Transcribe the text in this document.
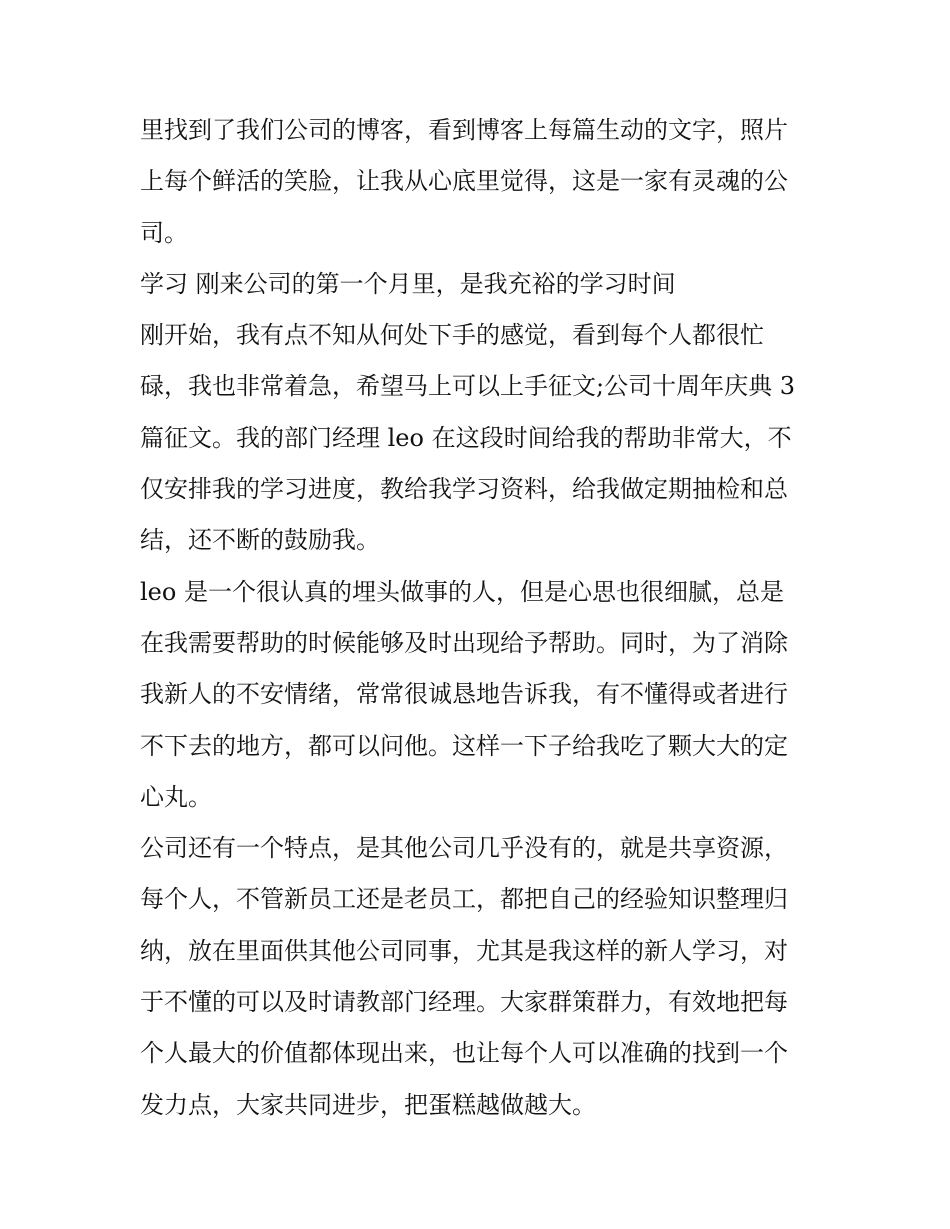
里找到了我们公司的博客，看到博客上每篇生动的文字，照片
上每个鲜活的笑脸，让我从心底里觉得，这是一家有灵魂的公
司。

学习 刚来公司的第一个月里，是我充裕的学习时间

刚开始，我有点不知从何处下手的感觉，看到每个人都很忙
碌，我也非常着急，希望马上可以上手征文;公司十周年庆典 3
篇征文。我的部门经理 leo 在这段时间给我的帮助非常大，不
仅安排我的学习进度，教给我学习资料，给我做定期抽检和总
结，还不断的鼓励我。

leo 是一个很认真的埋头做事的人，但是心思也很细腻，总是
在我需要帮助的时候能够及时出现给予帮助。同时，为了消除
我新人的不安情绪，常常很诚恳地告诉我，有不懂得或者进行
不下去的地方，都可以问他。这样一下子给我吃了颗大大的定
心丸。

公司还有一个特点，是其他公司几乎没有的，就是共享资源，
每个人，不管新员工还是老员工，都把自己的经验知识整理归
纳，放在里面供其他公司同事，尤其是我这样的新人学习，对
于不懂的可以及时请教部门经理。大家群策群力，有效地把每
个人最大的价值都体现出来，也让每个人可以准确的找到一个
发力点，大家共同进步，把蛋糕越做越大。
